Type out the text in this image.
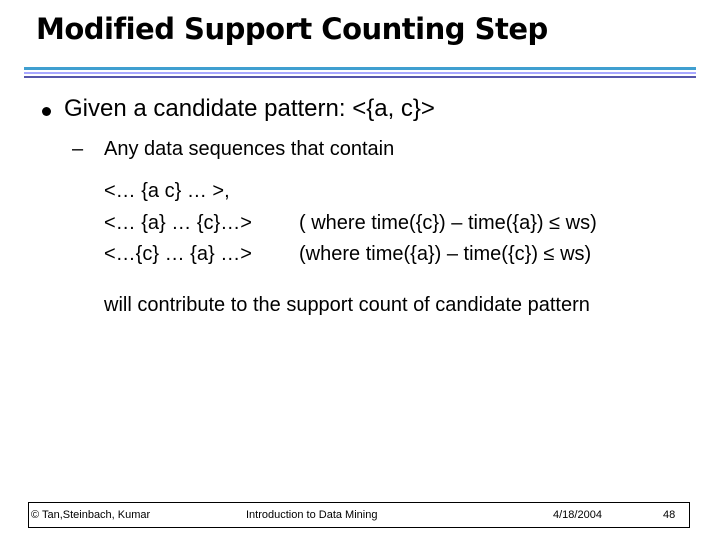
Modified Support Counting Step
Given a candidate pattern: <{a, c}>
– Any data sequences that contain
<… {a c} … >,
<… {a} … {c}…> ( where time({c}) – time({a}) ≤ ws)
<…{c} … {a} …> (where time({a}) – time({c}) ≤ ws)
will contribute to the support count of candidate pattern
© Tan,Steinbach, Kumar	Introduction to Data Mining	4/18/2004	48
